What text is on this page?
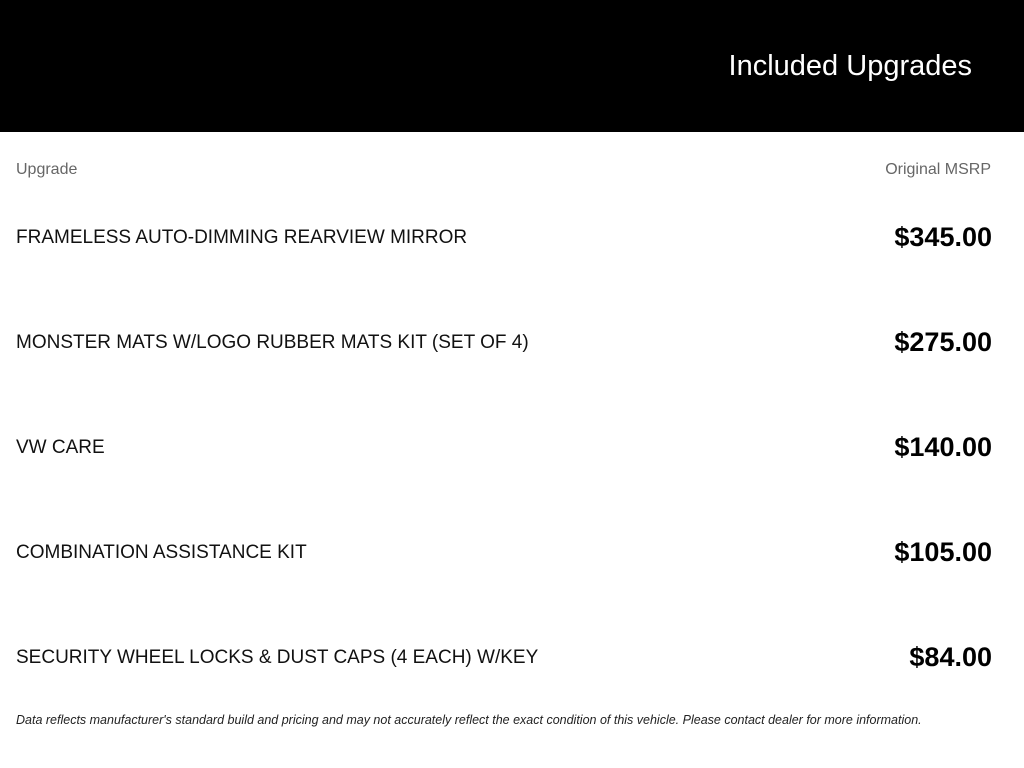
Included Upgrades
Upgrade	Original MSRP
FRAMELESS AUTO-DIMMING REARVIEW MIRROR	$345.00
MONSTER MATS W/LOGO RUBBER MATS KIT (SET OF 4)	$275.00
VW CARE	$140.00
COMBINATION ASSISTANCE KIT	$105.00
SECURITY WHEEL LOCKS & DUST CAPS (4 EACH) W/KEY	$84.00
Data reflects manufacturer's standard build and pricing and may not accurately reflect the exact condition of this vehicle. Please contact dealer for more information.
